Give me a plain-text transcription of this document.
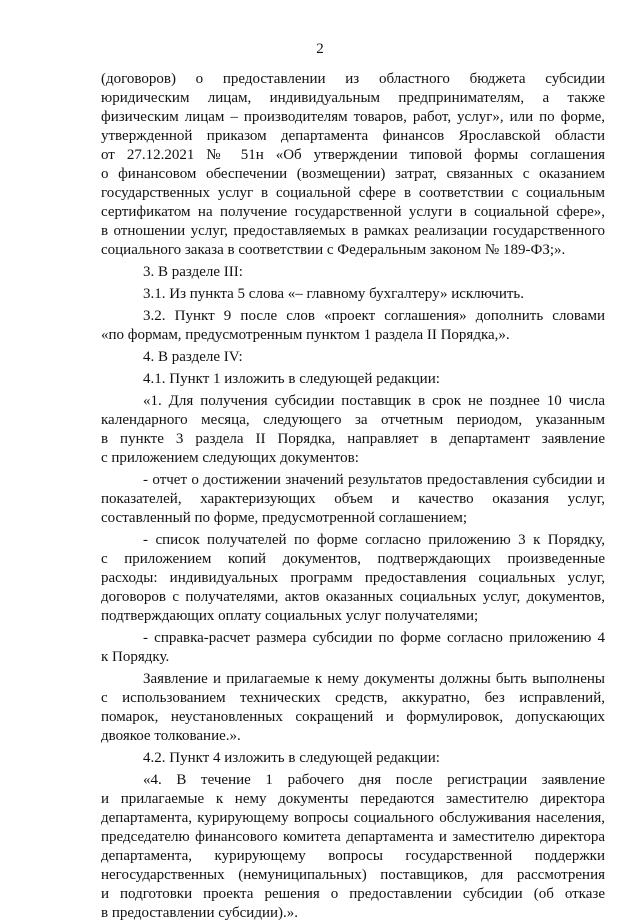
2
(договоров) о предоставлении из областного бюджета субсидии
юридическим лицам, индивидуальным предпринимателям, а также
физическим лицам – производителям товаров, работ, услуг», или по форме,
утвержденной приказом департамента финансов Ярославской области
от 27.12.2021 № 51н «Об утверждении типовой формы соглашения
о финансовом обеспечении (возмещении) затрат, связанных с оказанием
государственных услуг в социальной сфере в соответствии с социальным
сертификатом на получение государственной услуги в социальной сфере»,
в отношении услуг, предоставляемых в рамках реализации государственного
социального заказа в соответствии с Федеральным законом № 189-ФЗ;».
3. В разделе III:
3.1. Из пункта 5 слова «– главному бухгалтеру» исключить.
3.2. Пункт 9 после слов «проект соглашения» дополнить словами
«по формам, предусмотренным пунктом 1 раздела II Порядка,».
4. В разделе IV:
4.1. Пункт 1 изложить в следующей редакции:
«1. Для получения субсидии поставщик в срок не позднее 10 числа
календарного месяца, следующего за отчетным периодом, указанным
в пункте 3 раздела II Порядка, направляет в департамент заявление
с приложением следующих документов:
- отчет о достижении значений результатов предоставления субсидии и
показателей, характеризующих объем и качество оказания услуг,
составленный по форме, предусмотренной соглашением;
- список получателей по форме согласно приложению 3 к Порядку,
с приложением копий документов, подтверждающих произведенные
расходы: индивидуальных программ предоставления социальных услуг,
договоров с получателями, актов оказанных социальных услуг, документов,
подтверждающих оплату социальных услуг получателями;
- справка-расчет размера субсидии по форме согласно приложению 4
к Порядку.
Заявление и прилагаемые к нему документы должны быть выполнены
с использованием технических средств, аккуратно, без исправлений,
помарок, неустановленных сокращений и формулировок, допускающих
двоякое толкование.».
4.2. Пункт 4 изложить в следующей редакции:
«4. В течение 1 рабочего дня после регистрации заявление
и прилагаемые к нему документы передаются заместителю директора
департамента, курирующему вопросы социального обслуживания населения,
председателю финансового комитета департамента и заместителю директора
департамента, курирующему вопросы государственной поддержки
негосударственных (немуниципальных) поставщиков, для рассмотрения
и подготовки проекта решения о предоставлении субсидии (об отказе
в предоставлении субсидии).».
